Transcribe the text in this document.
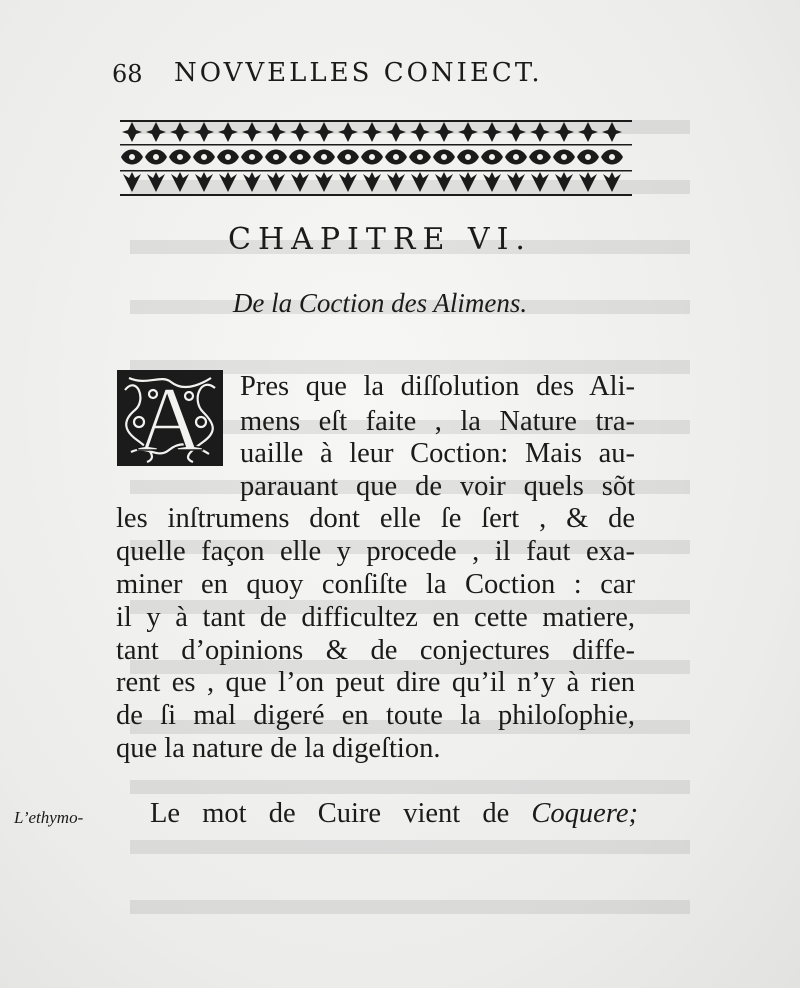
68 NOVVELLES CONIECT.
CHAPITRE VI.
De la Coction des Alimens.
A Pres que la diſſolution des Ali-
mens eſt faite , la Nature tra-
uaille à leur Coction: Mais au-
parauant que de voir quels sõt
les inſtrumens dont elle ſe ſert , & de
quelle façon elle y procede , il faut exa-
miner en quoy conſiſte la Coction : car
il y à tant de difficultez en cette matiere,
tant d’opinions & de conjectures diffe-
rent es , que l’on peut dire qu’il n’y à rien
de ſi mal digeré en toute la philoſophie,
que la nature de la digeſtion.
L’ethymo- Le mot de Cuire vient de Coquere;
